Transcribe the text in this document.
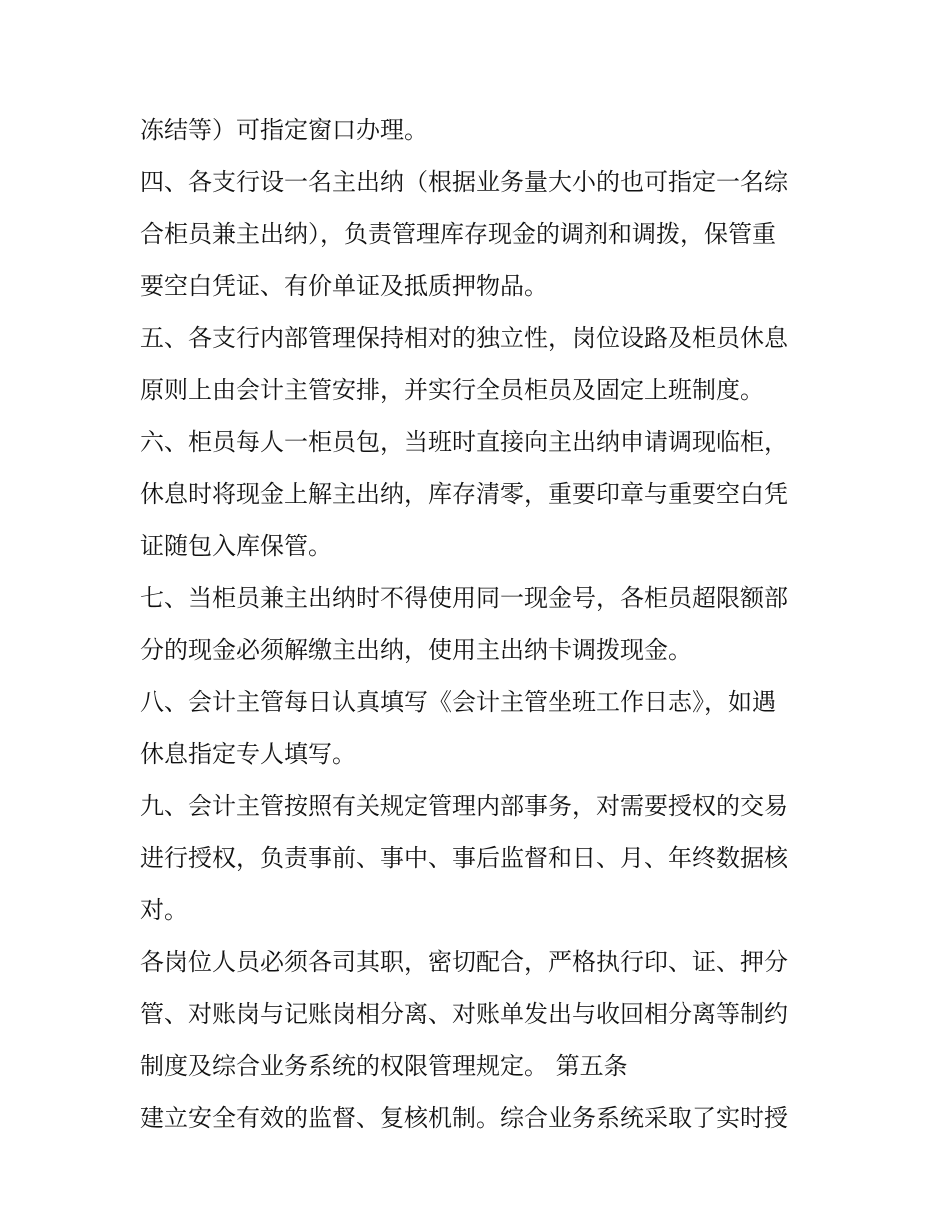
冻结等）可指定窗口办理。
四、各支行设一名主出纳（根据业务量大小的也可指定一名综
合柜员兼主出纳），负责管理库存现金的调剂和调拨，保管重
要空白凭证、有价单证及抵质押物品。
五、各支行内部管理保持相对的独立性，岗位设路及柜员休息
原则上由会计主管安排，并实行全员柜员及固定上班制度。
六、柜员每人一柜员包，当班时直接向主出纳申请调现临柜，
休息时将现金上解主出纳，库存清零，重要印章与重要空白凭
证随包入库保管。
七、当柜员兼主出纳时不得使用同一现金号，各柜员超限额部
分的现金必须解缴主出纳，使用主出纳卡调拨现金。
八、会计主管每日认真填写《会计主管坐班工作日志》，如遇
休息指定专人填写。
九、会计主管按照有关规定管理内部事务，对需要授权的交易
进行授权，负责事前、事中、事后监督和日、月、年终数据核
对。
各岗位人员必须各司其职，密切配合，严格执行印、证、押分
管、对账岗与记账岗相分离、对账单发出与收回相分离等制约
制度及综合业务系统的权限管理规定。 第五条
建立安全有效的监督、复核机制。综合业务系统采取了实时授
